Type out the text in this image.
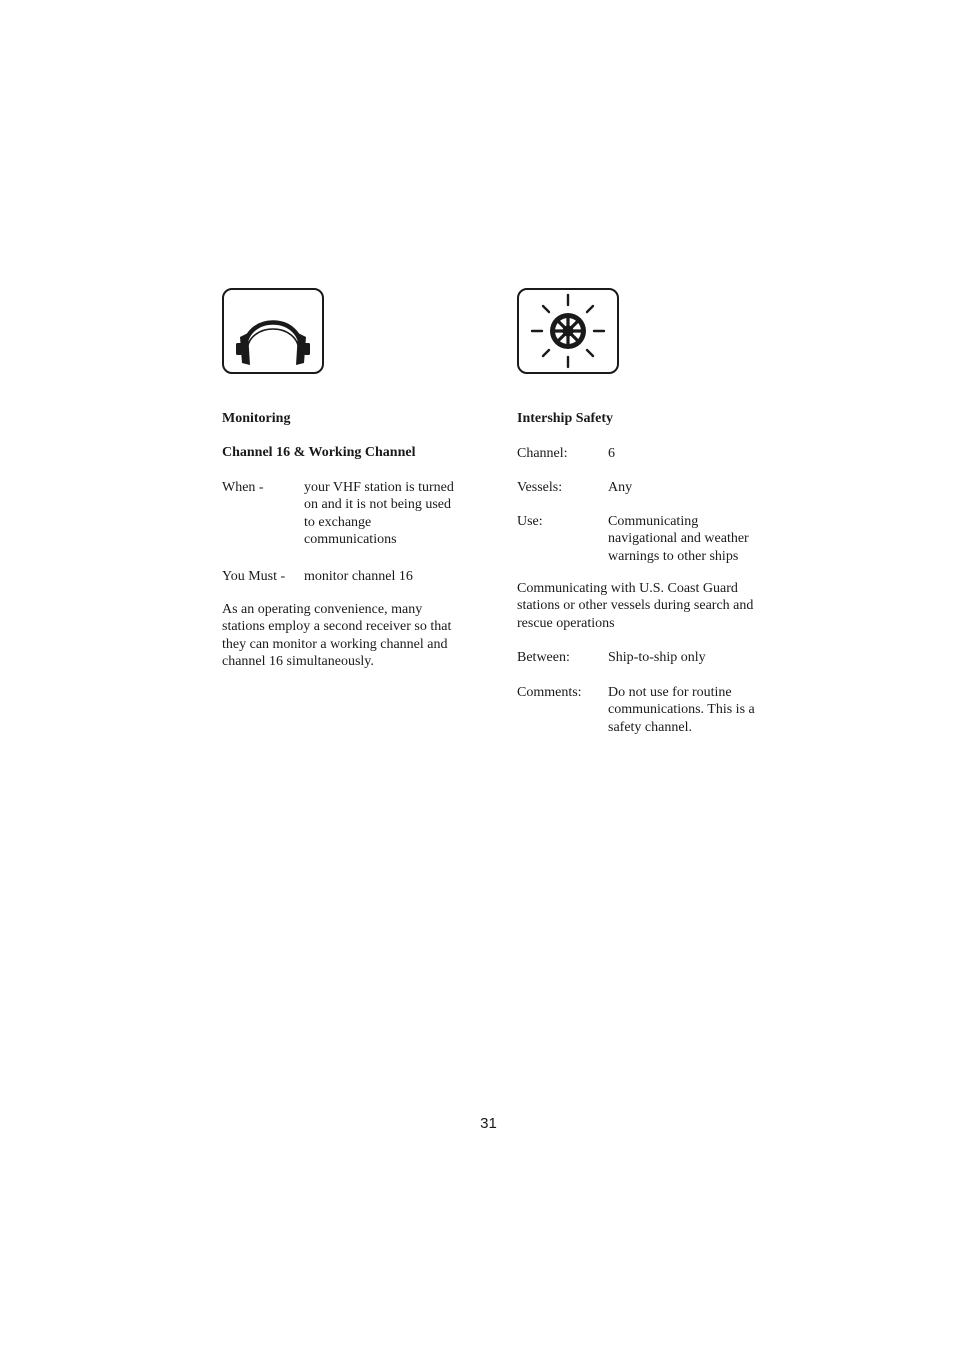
Monitoring
Channel 16 & Working Channel
When -	your VHF station is turned on and it is not being used to exchange communications
You Must -	monitor channel 16
As an operating convenience, many stations employ a second receiver so that they can monitor a working channel and channel 16 simultaneously.
Intership Safety
Channel:	6
Vessels:	Any
Use:	Communicating navigational and weather warnings to other ships
Communicating with U.S. Coast Guard stations or other vessels during search and rescue operations
Between:	Ship-to-ship only
Comments:	Do not use for routine communications. This is a safety channel.
31
